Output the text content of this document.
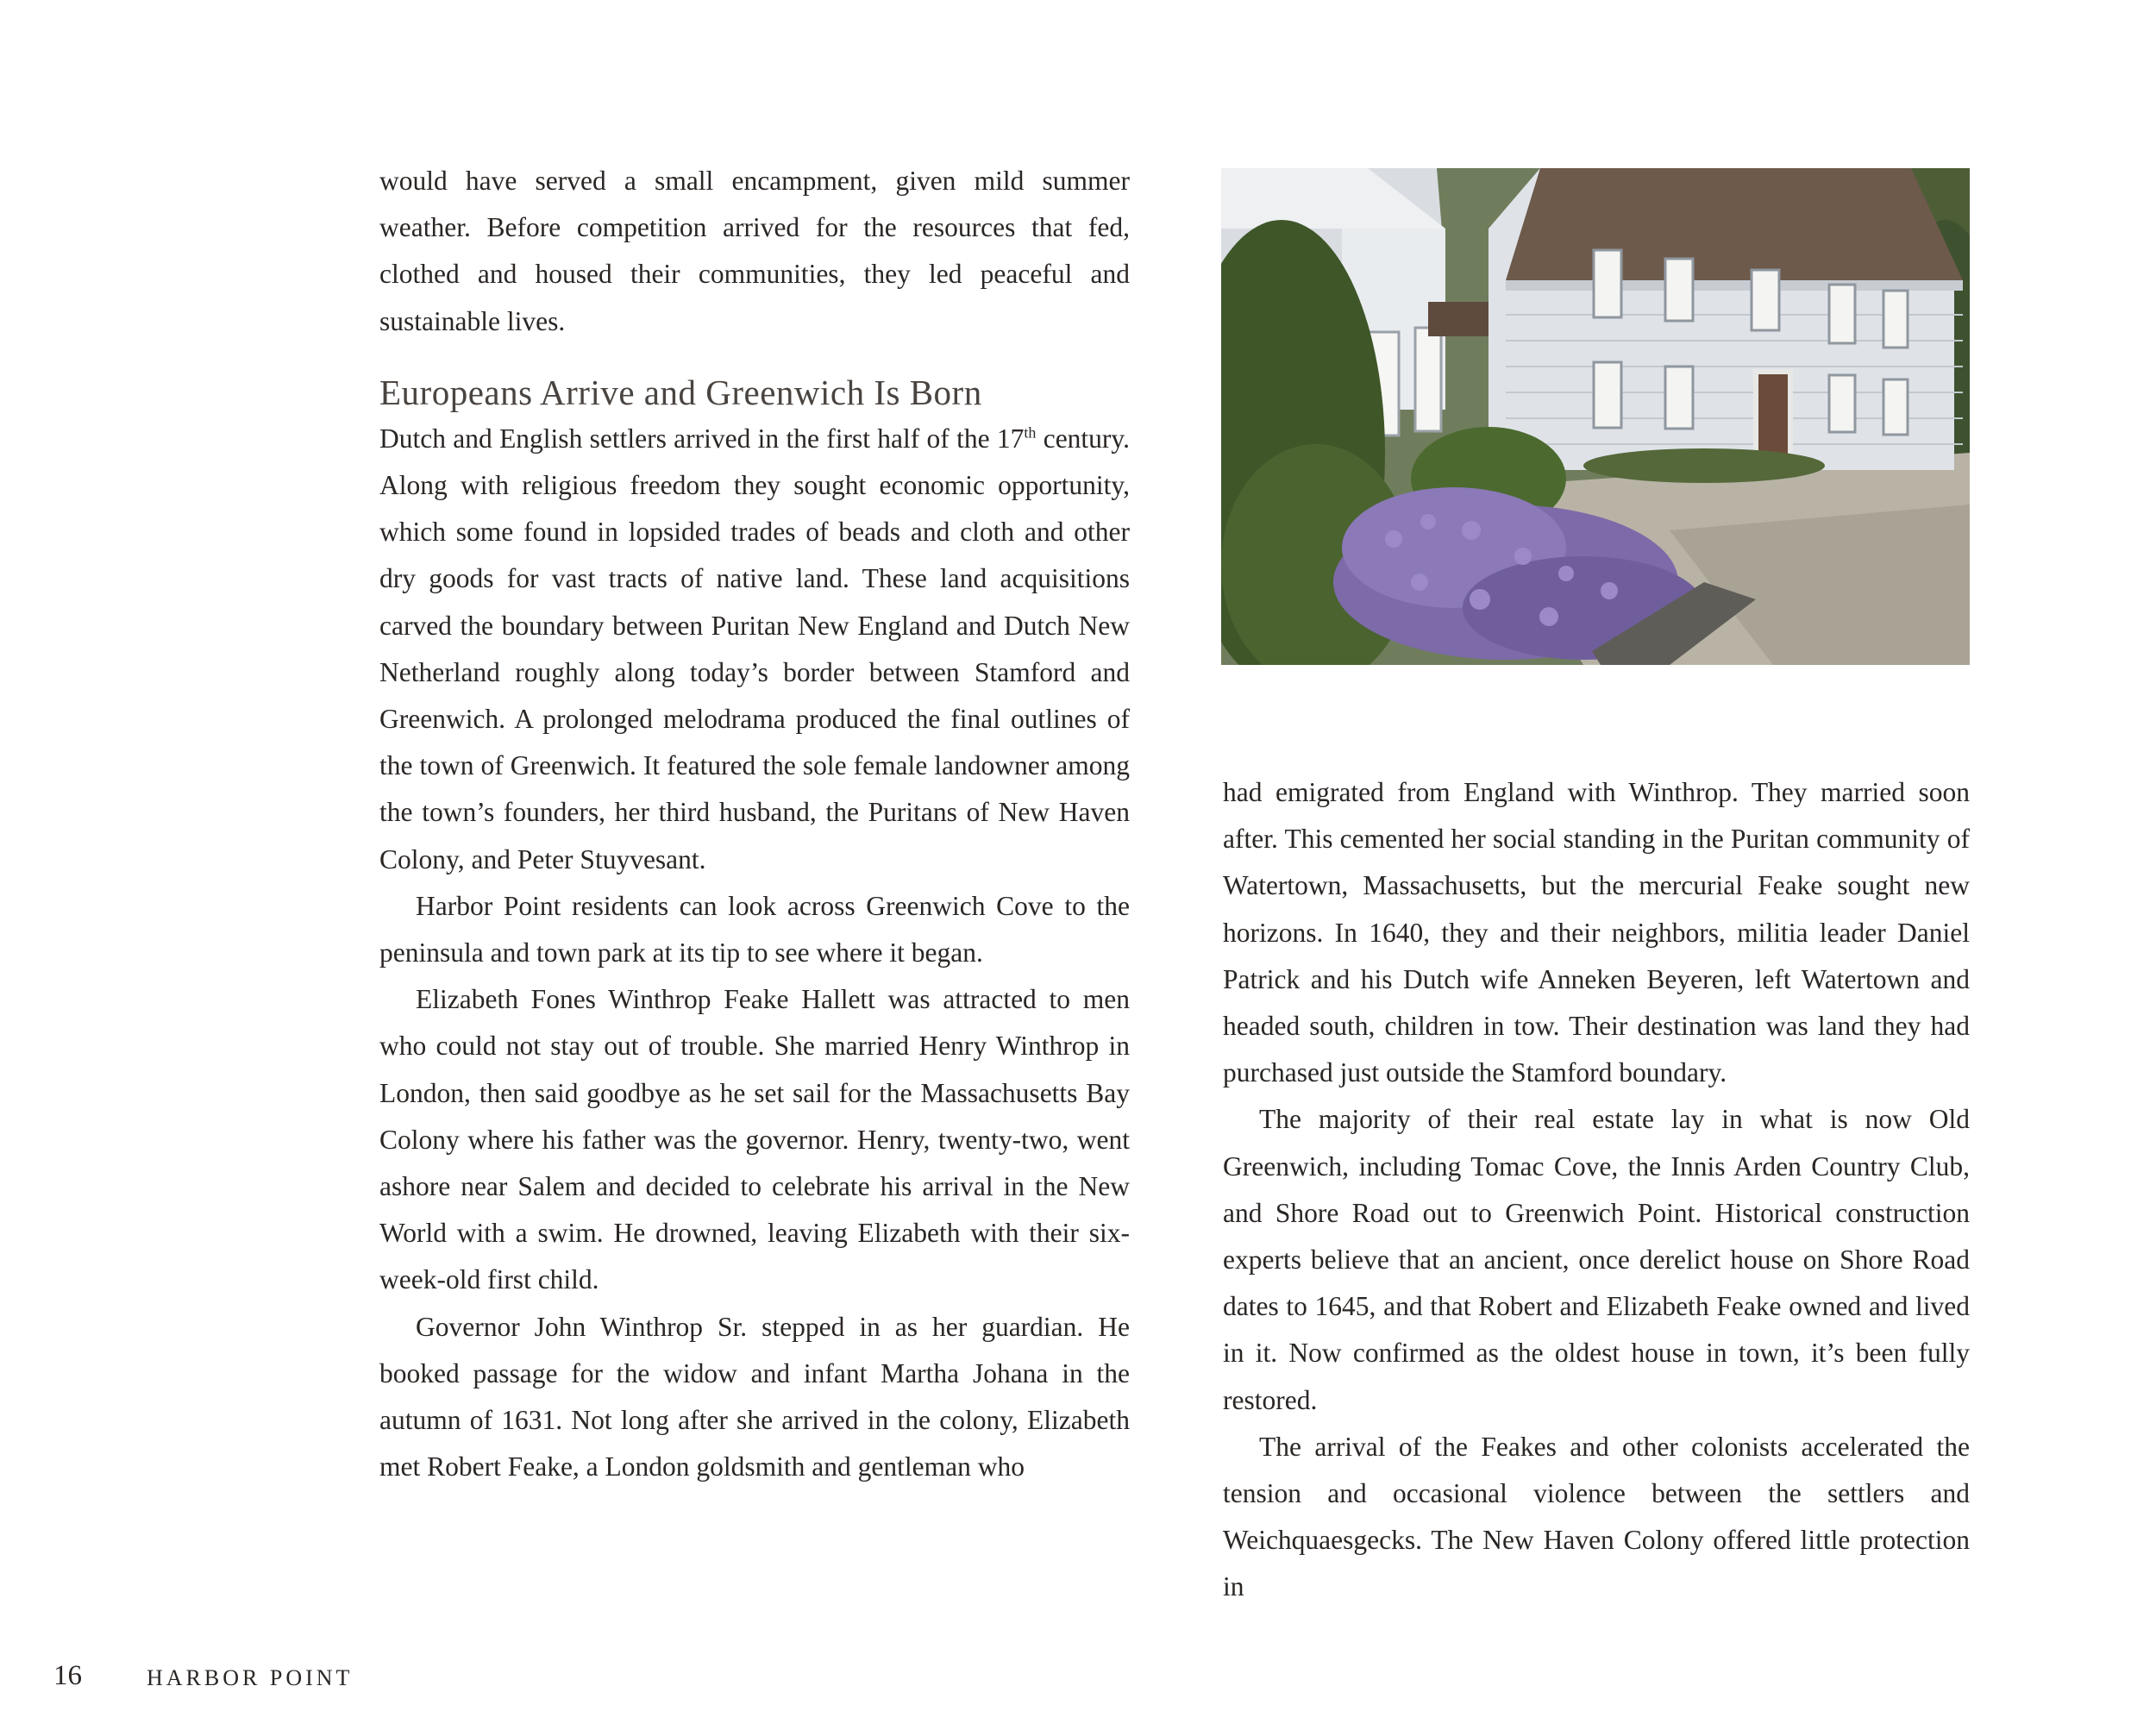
would have served a small encampment, given mild summer weather. Before competition arrived for the resources that fed, clothed and housed their communities, they led peaceful and sustainable lives.

Europeans Arrive and Greenwich Is Born

Dutch and English settlers arrived in the first half of the 17th century. Along with religious freedom they sought economic opportunity, which some found in lopsided trades of beads and cloth and other dry goods for vast tracts of native land. These land acquisitions carved the boundary between Puritan New England and Dutch New Netherland roughly along today’s border between Stamford and Greenwich. A prolonged melodrama produced the final outlines of the town of Greenwich. It featured the sole female landowner among the town’s founders, her third husband, the Puritans of New Haven Colony, and Peter Stuyvesant.

Harbor Point residents can look across Greenwich Cove to the peninsula and town park at its tip to see where it began.

Elizabeth Fones Winthrop Feake Hallett was attracted to men who could not stay out of trouble. She married Henry Winthrop in London, then said goodbye as he set sail for the Massachusetts Bay Colony where his father was the governor. Henry, twenty-two, went ashore near Salem and decided to celebrate his arrival in the New World with a swim. He drowned, leaving Elizabeth with their six-week-old first child.

Governor John Winthrop Sr. stepped in as her guardian. He booked passage for the widow and infant Martha Johana in the autumn of 1631. Not long after she arrived in the colony, Elizabeth met Robert Feake, a London goldsmith and gentleman who

had emigrated from England with Winthrop. They married soon after. This cemented her social standing in the Puritan community of Watertown, Massachusetts, but the mercurial Feake sought new horizons. In 1640, they and their neighbors, militia leader Daniel Patrick and his Dutch wife Anneken Beyeren, left Watertown and headed south, children in tow. Their destination was land they had purchased just outside the Stamford boundary.

The majority of their real estate lay in what is now Old Greenwich, including Tomac Cove, the Innis Arden Country Club, and Shore Road out to Greenwich Point. Historical construction experts believe that an ancient, once derelict house on Shore Road dates to 1645, and that Robert and Elizabeth Feake owned and lived in it. Now confirmed as the oldest house in town, it’s been fully restored.

The arrival of the Feakes and other colonists accelerated the tension and occasional violence between the settlers and Weichquaesgecks. The New Haven Colony offered little protection in

16	HARBOR POINT
